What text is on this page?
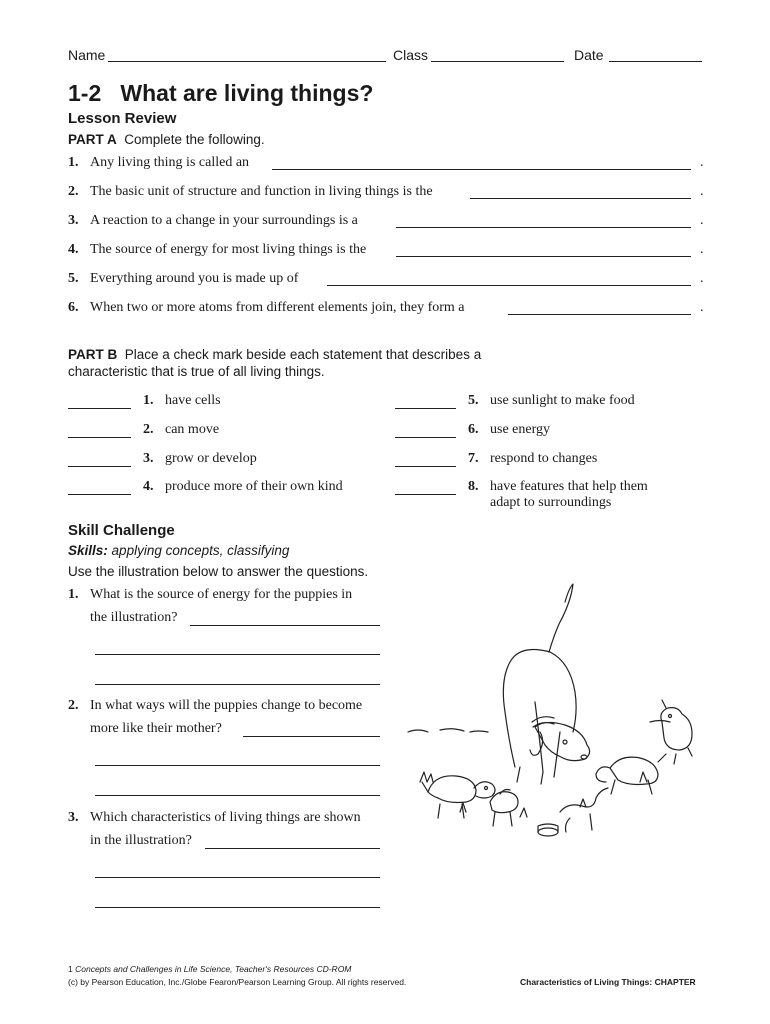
Name	Class	Date
1-2   What are living things?
Lesson Review
PART A Complete the following.
1. Any living thing is called an	.
2. The basic unit of structure and function in living things is the	.
3. A reaction to a change in your surroundings is a	.
4. The source of energy for most living things is the	.
5. Everything around you is made up of	.
6. When two or more atoms from different elements join, they form a	.
PART B Place a check mark beside each statement that describes a
characteristic that is true of all living things.
1. have cells
2. can move
3. grow or develop
4. produce more of their own kind
5. use sunlight to make food
6. use energy
7. respond to changes
8. have features that help them
adapt to surroundings
Skill Challenge
Skills: applying concepts, classifying
Use the illustration below to answer the questions.
1. What is the source of energy for the puppies in
the illustration?
2. In what ways will the puppies change to become
more like their mother?
3. Which characteristics of living things are shown
in the illustration?
1 Concepts and Challenges in Life Science, Teacher's Resources CD-ROM
(c) by Pearson Education, Inc./Globe Fearon/Pearson Learning Group. All rights reserved.	Characteristics of Living Things: CHAPTER
